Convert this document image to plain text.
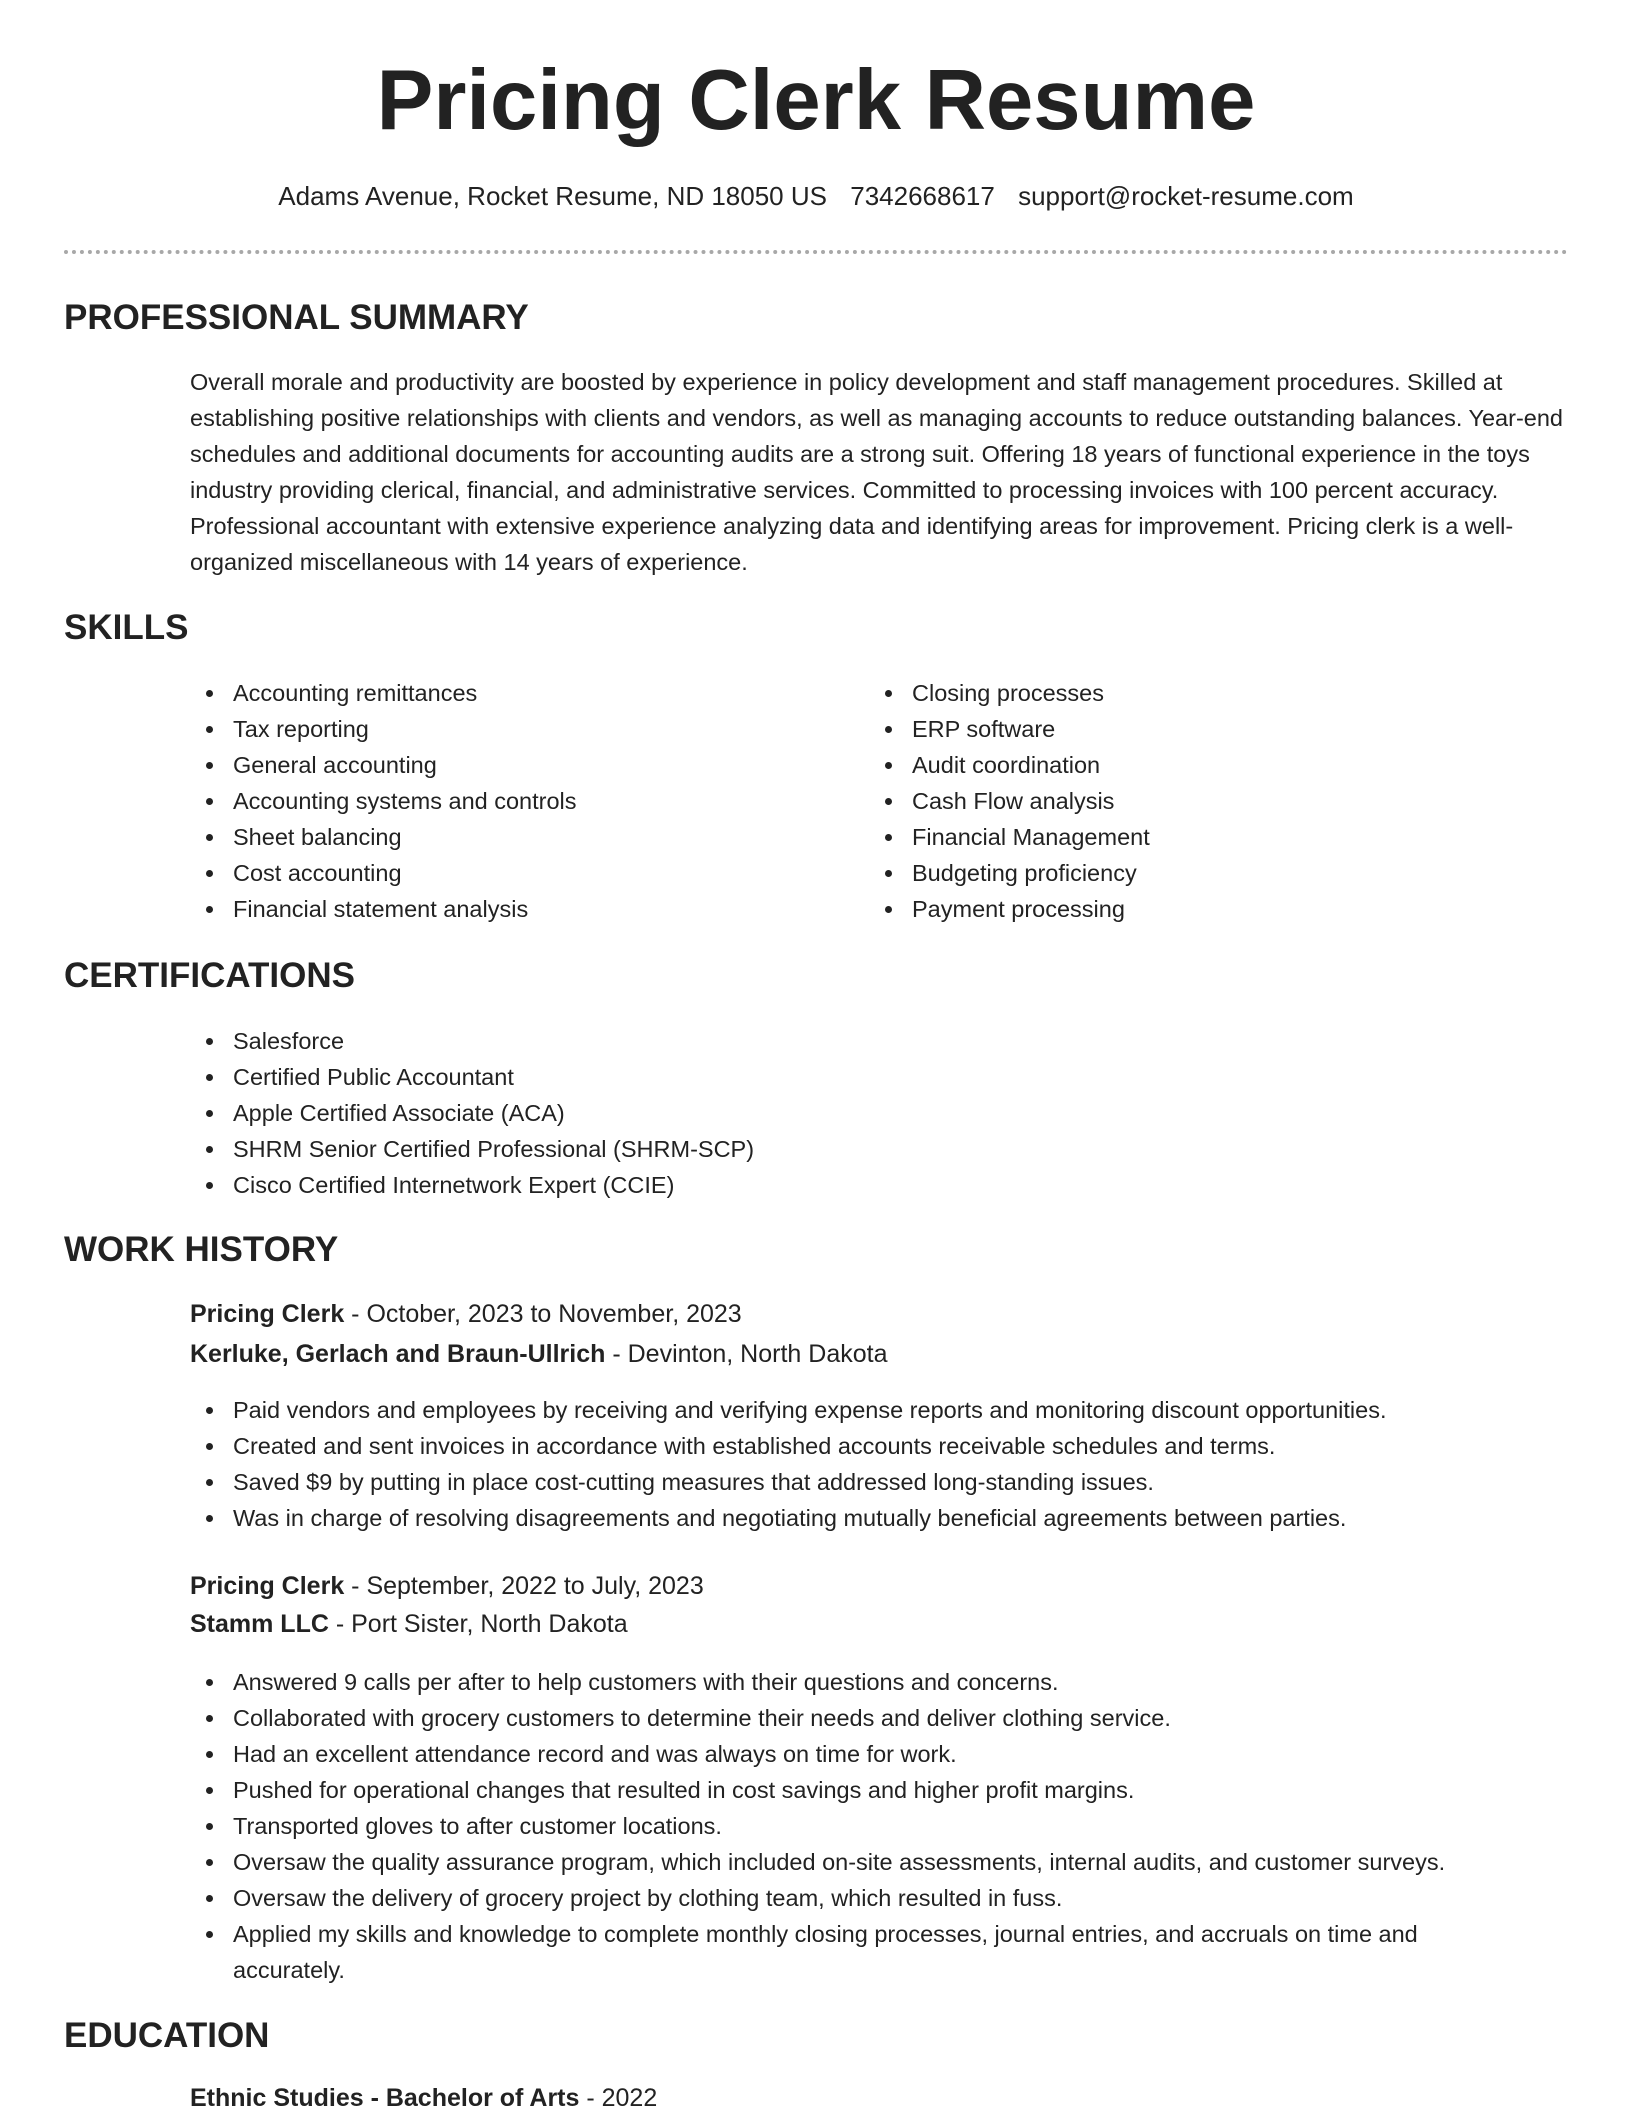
Pricing Clerk Resume
Adams Avenue, Rocket Resume, ND 18050 US 7342668617 support@rocket-resume.com
PROFESSIONAL SUMMARY

Overall morale and productivity are boosted by experience in policy development and staff management procedures. Skilled at establishing positive relationships with clients and vendors, as well as managing accounts to reduce outstanding balances. Year-end schedules and additional documents for accounting audits are a strong suit. Offering 18 years of functional experience in the toys industry providing clerical, financial, and administrative services. Committed to processing invoices with 100 percent accuracy. Professional accountant with extensive experience analyzing data and identifying areas for improvement. Pricing clerk is a well-organized miscellaneous with 14 years of experience.

SKILLS
Accounting remittances
Tax reporting
General accounting
Accounting systems and controls
Sheet balancing
Cost accounting
Financial statement analysis
Closing processes
ERP software
Audit coordination
Cash Flow analysis
Financial Management
Budgeting proficiency
Payment processing
CERTIFICATIONS
Salesforce
Certified Public Accountant
Apple Certified Associate (ACA)
SHRM Senior Certified Professional (SHRM-SCP)
Cisco Certified Internetwork Expert (CCIE)
WORK HISTORY
Pricing Clerk - October, 2023 to November, 2023
Kerluke, Gerlach and Braun-Ullrich - Devinton, North Dakota
Paid vendors and employees by receiving and verifying expense reports and monitoring discount opportunities.
Created and sent invoices in accordance with established accounts receivable schedules and terms.
Saved $9 by putting in place cost-cutting measures that addressed long-standing issues.
Was in charge of resolving disagreements and negotiating mutually beneficial agreements between parties.
Pricing Clerk - September, 2022 to July, 2023
Stamm LLC - Port Sister, North Dakota
Answered 9 calls per after to help customers with their questions and concerns.
Collaborated with grocery customers to determine their needs and deliver clothing service.
Had an excellent attendance record and was always on time for work.
Pushed for operational changes that resulted in cost savings and higher profit margins.
Transported gloves to after customer locations.
Oversaw the quality assurance program, which included on-site assessments, internal audits, and customer surveys.
Oversaw the delivery of grocery project by clothing team, which resulted in fuss.
Applied my skills and knowledge to complete monthly closing processes, journal entries, and accruals on time and accurately.
EDUCATION
Ethnic Studies - Bachelor of Arts - 2022
